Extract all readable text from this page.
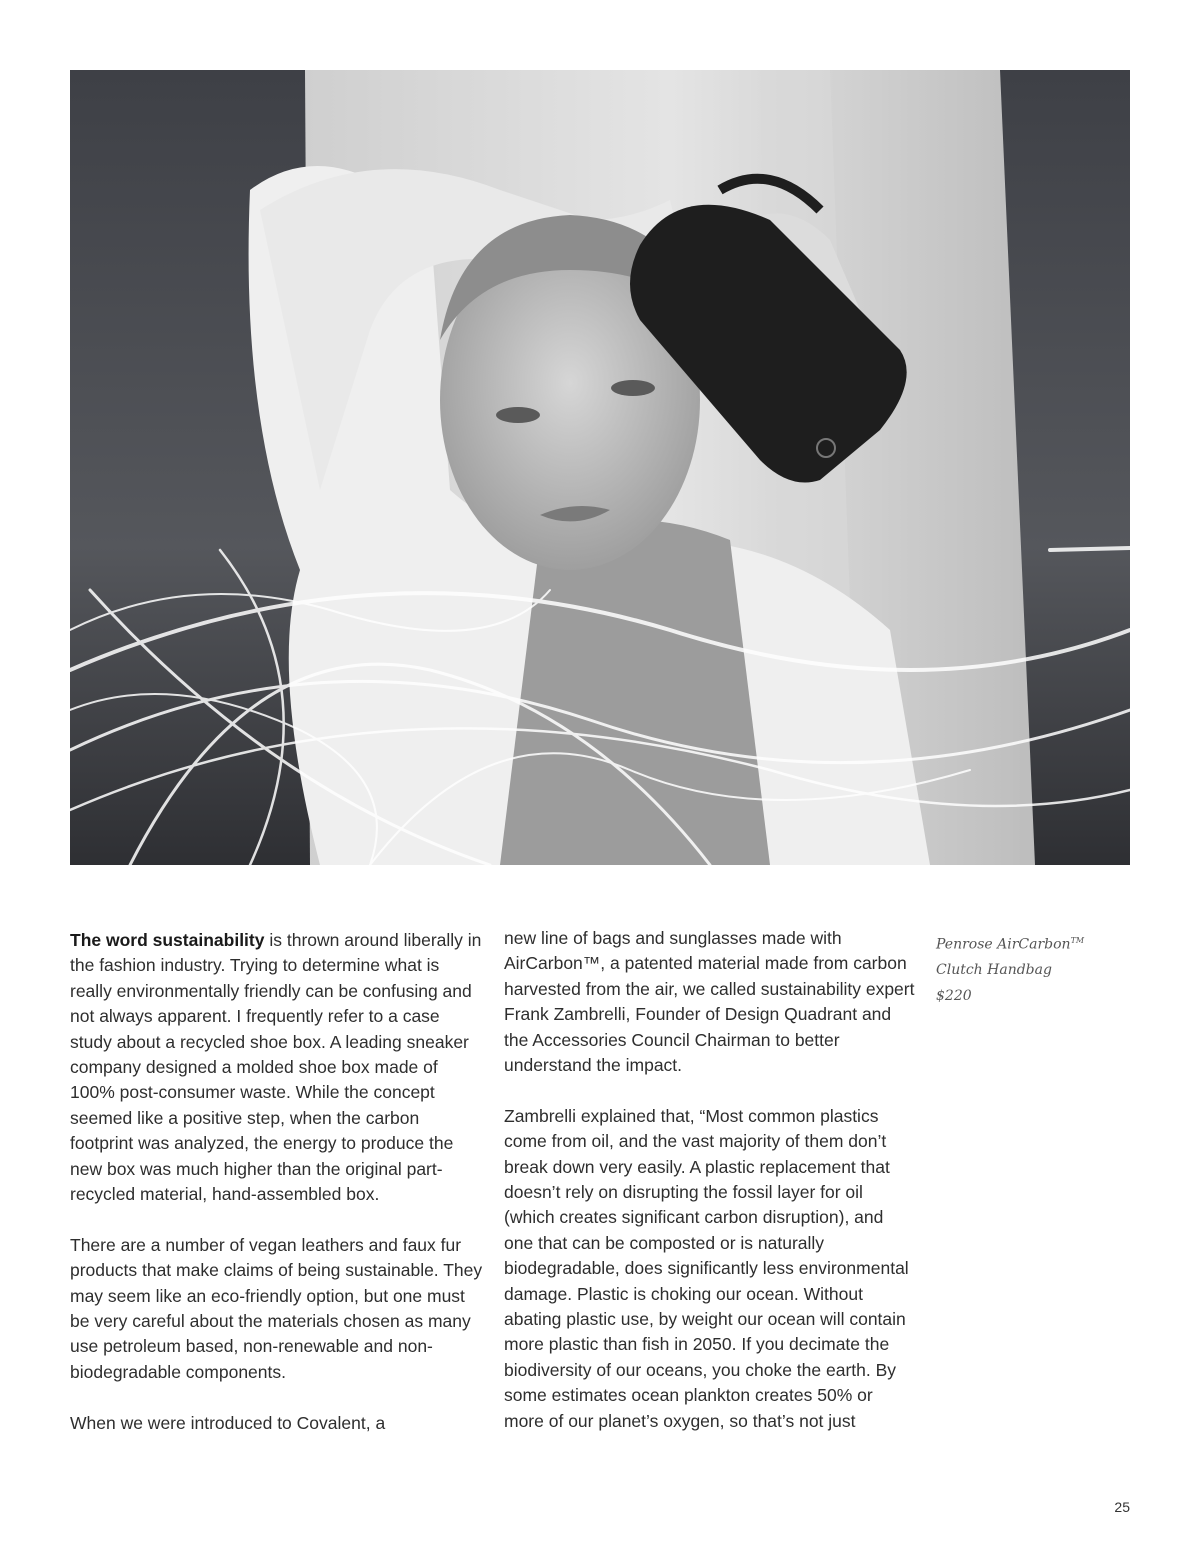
The word sustainability is thrown around liberally in the fashion industry. Trying to determine what is really environmentally friendly can be confusing and not always apparent. I frequently refer to a case study about a recycled shoe box. A leading sneaker company designed a molded shoe box made of 100% post-consumer waste. While the concept seemed like a positive step, when the carbon footprint was analyzed, the energy to produce the new box was much higher than the original part-recycled material, hand-assembled box.

There are a number of vegan leathers and faux fur products that make claims of being sustainable. They may seem like an eco-friendly option, but one must be very careful about the materials chosen as many use petroleum based, non-renewable and non-biodegradable components.

When we were introduced to Covalent, a

new line of bags and sunglasses made with AirCarbon™, a patented material made from carbon harvested from the air, we called sustainability expert Frank Zambrelli, Founder of Design Quadrant and the Accessories Council Chairman to better understand the impact.

Zambrelli explained that, “Most common plastics come from oil, and the vast majority of them don’t break down very easily. A plastic replacement that doesn’t rely on disrupting the fossil layer for oil (which creates significant carbon disruption), and one that can be composted or is naturally biodegradable, does significantly less environmental damage. Plastic is choking our ocean. Without abating plastic use, by weight our ocean will contain more plastic than fish in 2050. If you decimate the biodiversity of our oceans, you choke the earth. By some estimates ocean plankton creates 50% or more of our planet’s oxygen, so that’s not just

Penrose AirCarbon™
Clutch Handbag
$220
25
